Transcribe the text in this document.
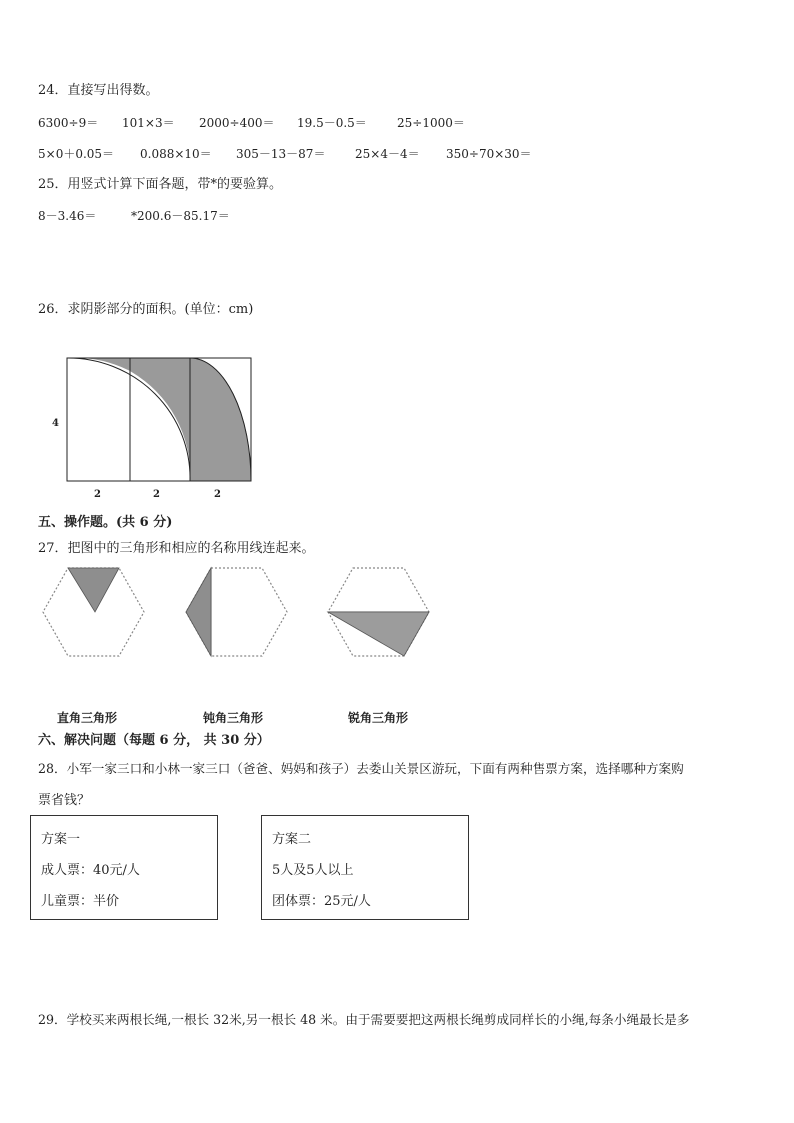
24．直接写出得数。
6300÷9＝ 101×3＝ 2000÷400＝ 19.5－0.5＝	25÷1000＝
5×0＋0.05＝ 0.088×10＝ 305－13－87＝ 25×4－4＝ 350÷70×30＝
25．用竖式计算下面各题，带*的要验算。
8－3.46＝	*200.6－85.17＝
26．求阴影部分的面积。(单位：cm)
4
2	2	2
五、操作题。(共 6 分)
27．把图中的三角形和相应的名称用线连起来。
直角三角形	钝角三角形	锐角三角形
六、解决问题（每题 6 分， 共 30 分）
28．小军一家三口和小林一家三口（爸爸、妈妈和孩子）去娄山关景区游玩，下面有两种售票方案，选择哪种方案购
票省钱？
方案一
成人票：40元/人
儿童票：半价
方案二
5人及5人以上
团体票：25元/人
29．学校买来两根长绳,一根长 32米,另一根长 48 米。由于需要要把这两根长绳剪成同样长的小绳,每条小绳最长是多
